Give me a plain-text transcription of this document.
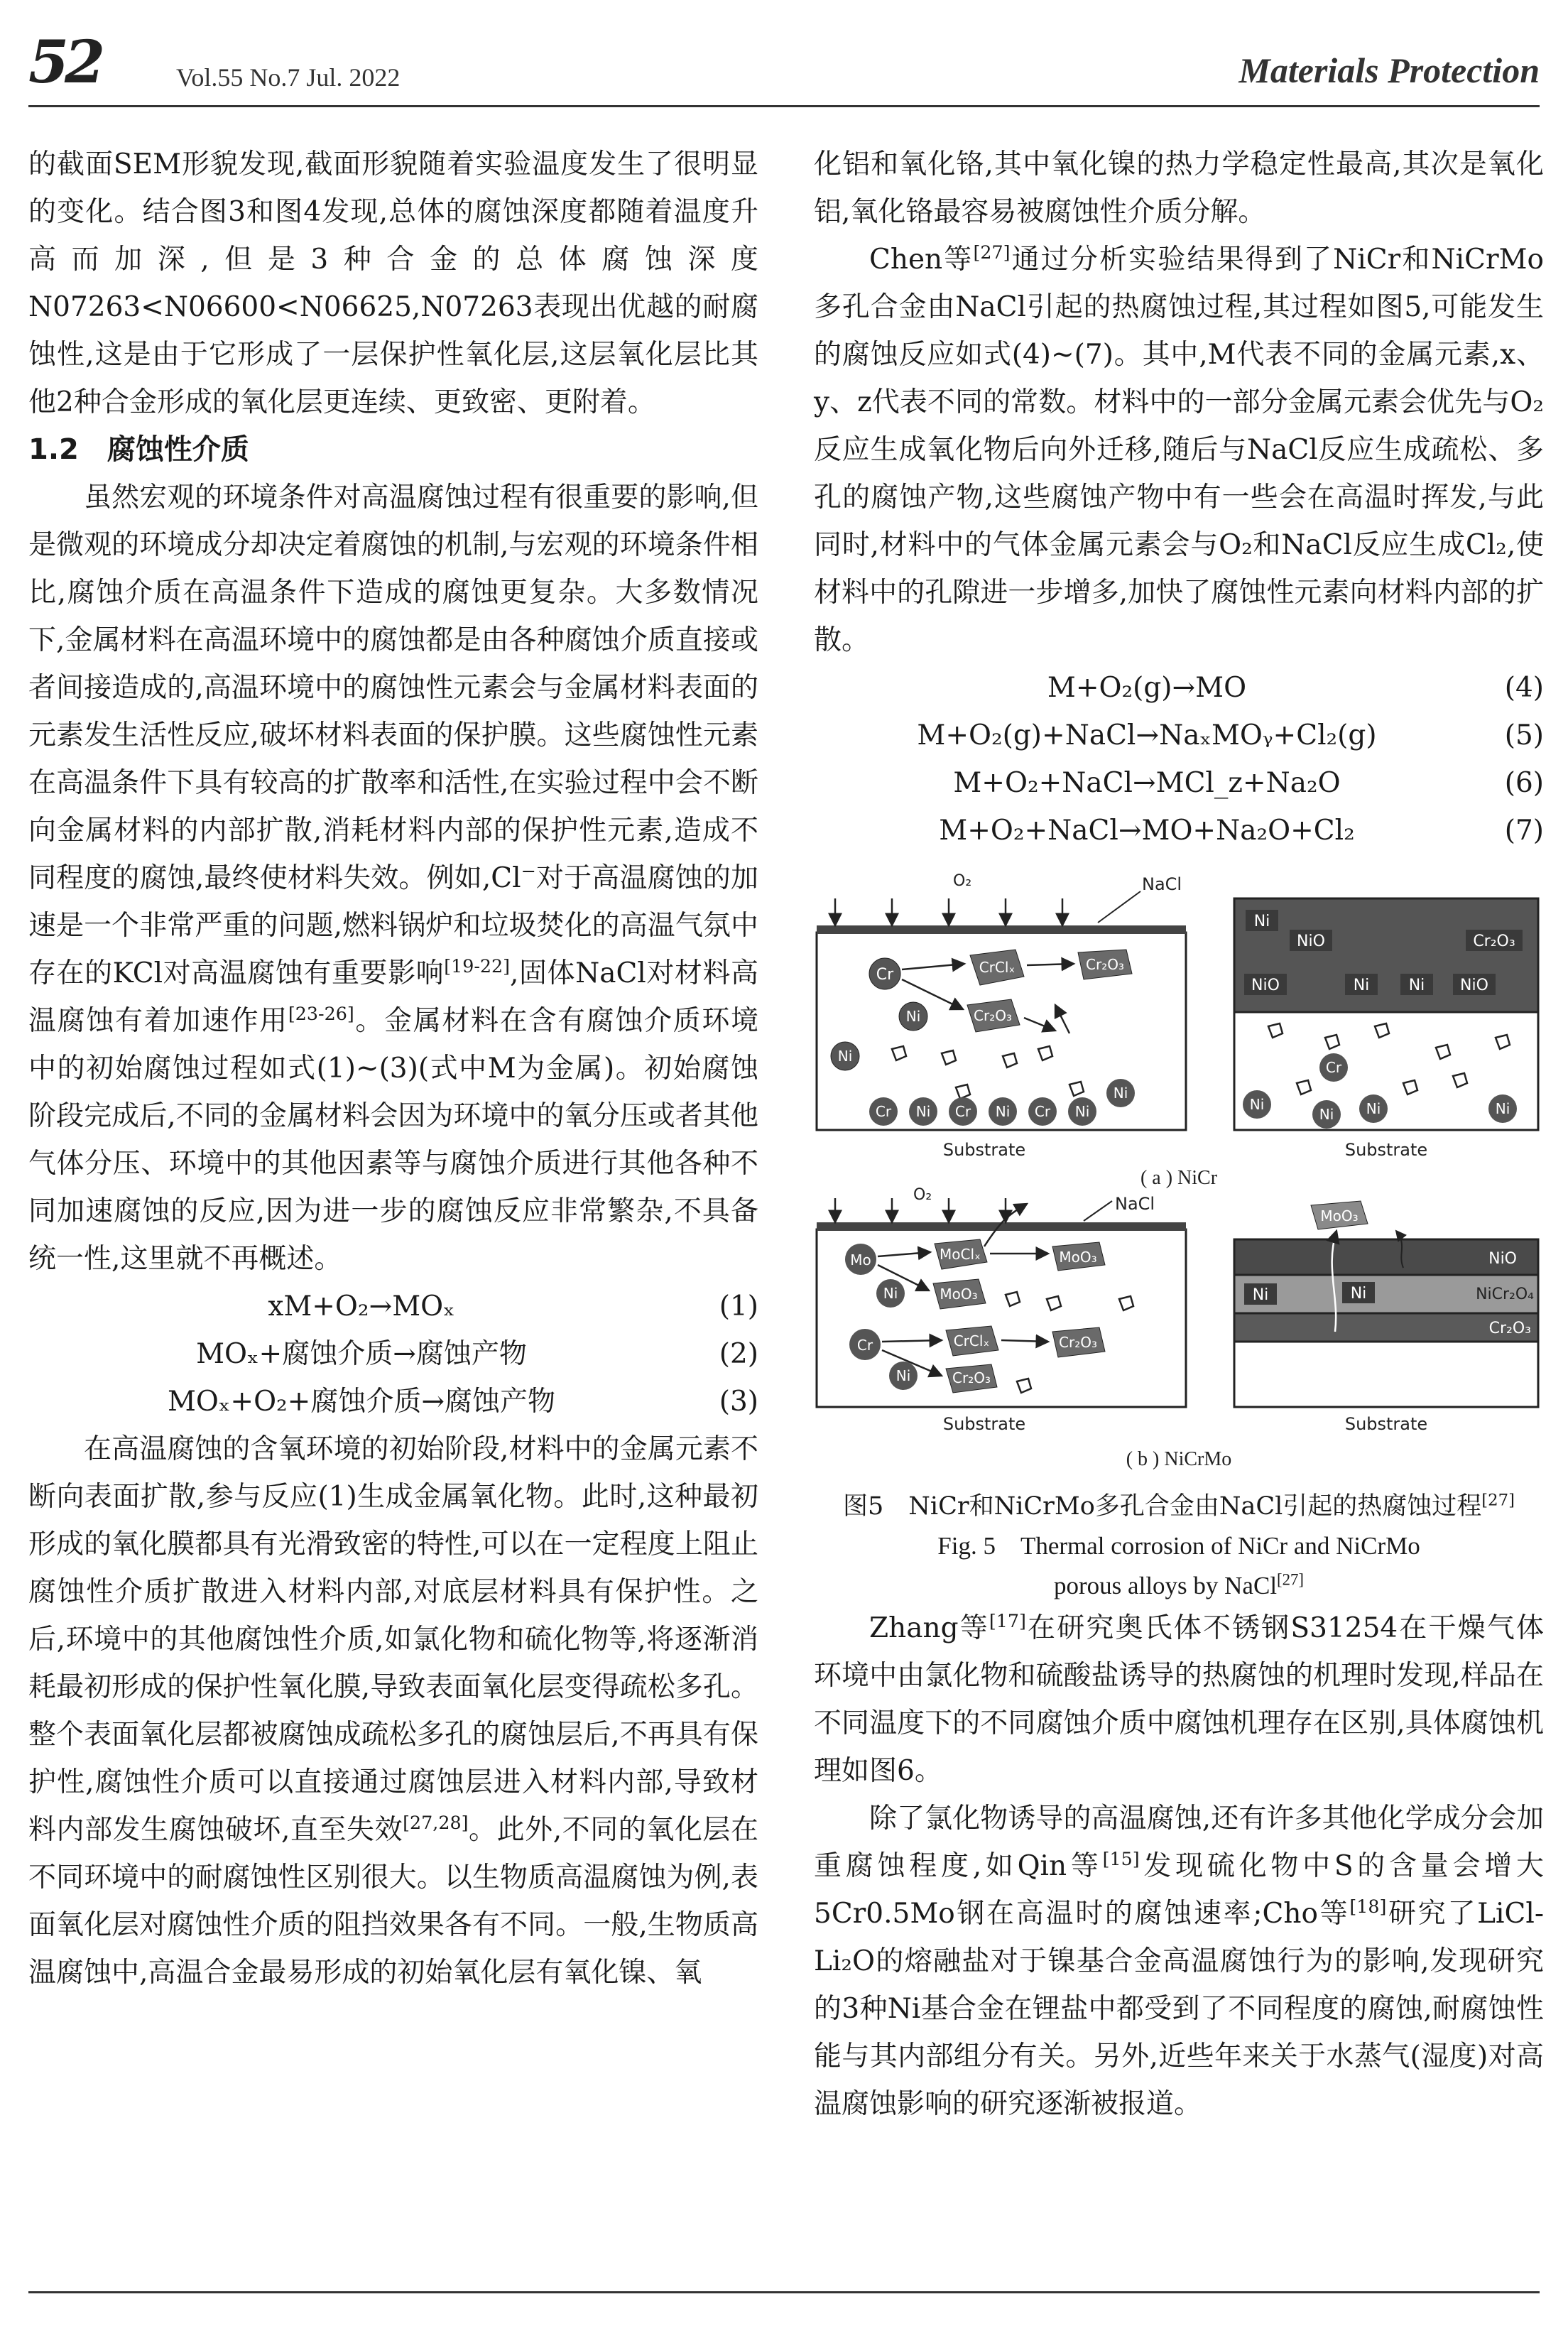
52	Vol.55 No.7 Jul. 2022	Materials Protection

的截面SEM形貌发现,截面形貌随着实验温度发生了很明显的变化。结合图3和图4发现,总体的腐蚀深度都随着温度升高而加深,但是3种合金的总体腐蚀深度N07263<N06600<N06625,N07263表现出优越的耐腐蚀性,这是由于它形成了一层保护性氧化层,这层氧化层比其他2种合金形成的氧化层更连续、更致密、更附着。

1.2　腐蚀性介质

虽然宏观的环境条件对高温腐蚀过程有很重要的影响,但是微观的环境成分却决定着腐蚀的机制,与宏观的环境条件相比,腐蚀介质在高温条件下造成的腐蚀更复杂。大多数情况下,金属材料在高温环境中的腐蚀都是由各种腐蚀介质直接或者间接造成的,高温环境中的腐蚀性元素会与金属材料表面的元素发生活性反应,破坏材料表面的保护膜。这些腐蚀性元素在高温条件下具有较高的扩散率和活性,在实验过程中会不断向金属材料的内部扩散,消耗材料内部的保护性元素,造成不同程度的腐蚀,最终使材料失效。例如,Cl−对于高温腐蚀的加速是一个非常严重的问题,燃料锅炉和垃圾焚化的高温气氛中存在的KCl对高温腐蚀有重要影响[19-22],固体NaCl对材料高温腐蚀有着加速作用[23-26]。金属材料在含有腐蚀介质环境中的初始腐蚀过程如式(1)~(3)(式中M为金属)。初始腐蚀阶段完成后,不同的金属材料会因为环境中的氧分压或者其他气体分压、环境中的其他因素等与腐蚀介质进行其他各种不同加速腐蚀的反应,因为进一步的腐蚀反应非常繁杂,不具备统一性,这里就不再概述。

xM+O₂→MOₓ	(1)
MOₓ+腐蚀介质→腐蚀产物	(2)
MOₓ+O₂+腐蚀介质→腐蚀产物	(3)

在高温腐蚀的含氧环境的初始阶段,材料中的金属元素不断向表面扩散,参与反应(1)生成金属氧化物。此时,这种最初形成的氧化膜都具有光滑致密的特性,可以在一定程度上阻止腐蚀性介质扩散进入材料内部,对底层材料具有保护性。之后,环境中的其他腐蚀性介质,如氯化物和硫化物等,将逐渐消耗最初形成的保护性氧化膜,导致表面氧化层变得疏松多孔。整个表面氧化层都被腐蚀成疏松多孔的腐蚀层后,不再具有保护性,腐蚀性介质可以直接通过腐蚀层进入材料内部,导致材料内部发生腐蚀破坏,直至失效[27,28]。此外,不同的氧化层在不同环境中的耐腐蚀性区别很大。以生物质高温腐蚀为例,表面氧化层对腐蚀性介质的阻挡效果各有不同。一般,生物质高温腐蚀中,高温合金最易形成的初始氧化层有氧化镍、氧

化铝和氧化铬,其中氧化镍的热力学稳定性最高,其次是氧化铝,氧化铬最容易被腐蚀性介质分解。

Chen等[27]通过分析实验结果得到了NiCr和NiCrMo多孔合金由NaCl引起的热腐蚀过程,其过程如图5,可能发生的腐蚀反应如式(4)~(7)。其中,M代表不同的金属元素,x、y、z代表不同的常数。材料中的一部分金属元素会优先与O₂反应生成氧化物后向外迁移,随后与NaCl反应生成疏松、多孔的腐蚀产物,这些腐蚀产物中有一些会在高温时挥发,与此同时,材料中的气体金属元素会与O₂和NaCl反应生成Cl₂,使材料中的孔隙进一步增多,加快了腐蚀性元素向材料内部的扩散。

M+O₂(g)→MO	(4)
M+O₂(g)+NaCl→NaₓMOᵧ+Cl₂(g)	(5)
M+O₂+NaCl→MCl_z+Na₂O	(6)
M+O₂+NaCl→MO+Na₂O+Cl₂	(7)
O₂	NaCl
Cr
Ni
Ni
CrClₓ
Cr₂O₃
Cr₂O₃
Cr Ni Cr Ni Cr Ni
Ni
Substrate
Ni
NiO	Cr₂O₃
NiO	Ni	Ni NiO
Cr
Ni
Ni Ni	Ni
Substrate
( a ) NiCr
O₂	NaCl
Mo
Ni
Cr
Ni
MoClₓ
MoO₃
MoO₃
CrClₓ
Cr₂O₃
Cr₂O₃
Substrate
MoO₃
NiO
NiCr₂O₄
Cr₂O₃
Ni	Ni
Substrate
( b ) NiCrMo
图5　NiCr和NiCrMo多孔合金由NaCl引起的热腐蚀过程[27]
Fig. 5　Thermal corrosion of NiCr and NiCrMo
porous alloys by NaCl[27]

Zhang等[17]在研究奥氏体不锈钢S31254在干燥气体环境中由氯化物和硫酸盐诱导的热腐蚀的机理时发现,样品在不同温度下的不同腐蚀介质中腐蚀机理存在区别,具体腐蚀机理如图6。

除了氯化物诱导的高温腐蚀,还有许多其他化学成分会加重腐蚀程度,如Qin等[15]发现硫化物中S的含量会增大5Cr0.5Mo钢在高温时的腐蚀速率;Cho等[18]研究了LiCl-Li₂O的熔融盐对于镍基合金高温腐蚀行为的影响,发现研究的3种Ni基合金在锂盐中都受到了不同程度的腐蚀,耐腐蚀性能与其内部组分有关。另外,近些年来关于水蒸气(湿度)对高温腐蚀影响的研究逐渐被报道。
